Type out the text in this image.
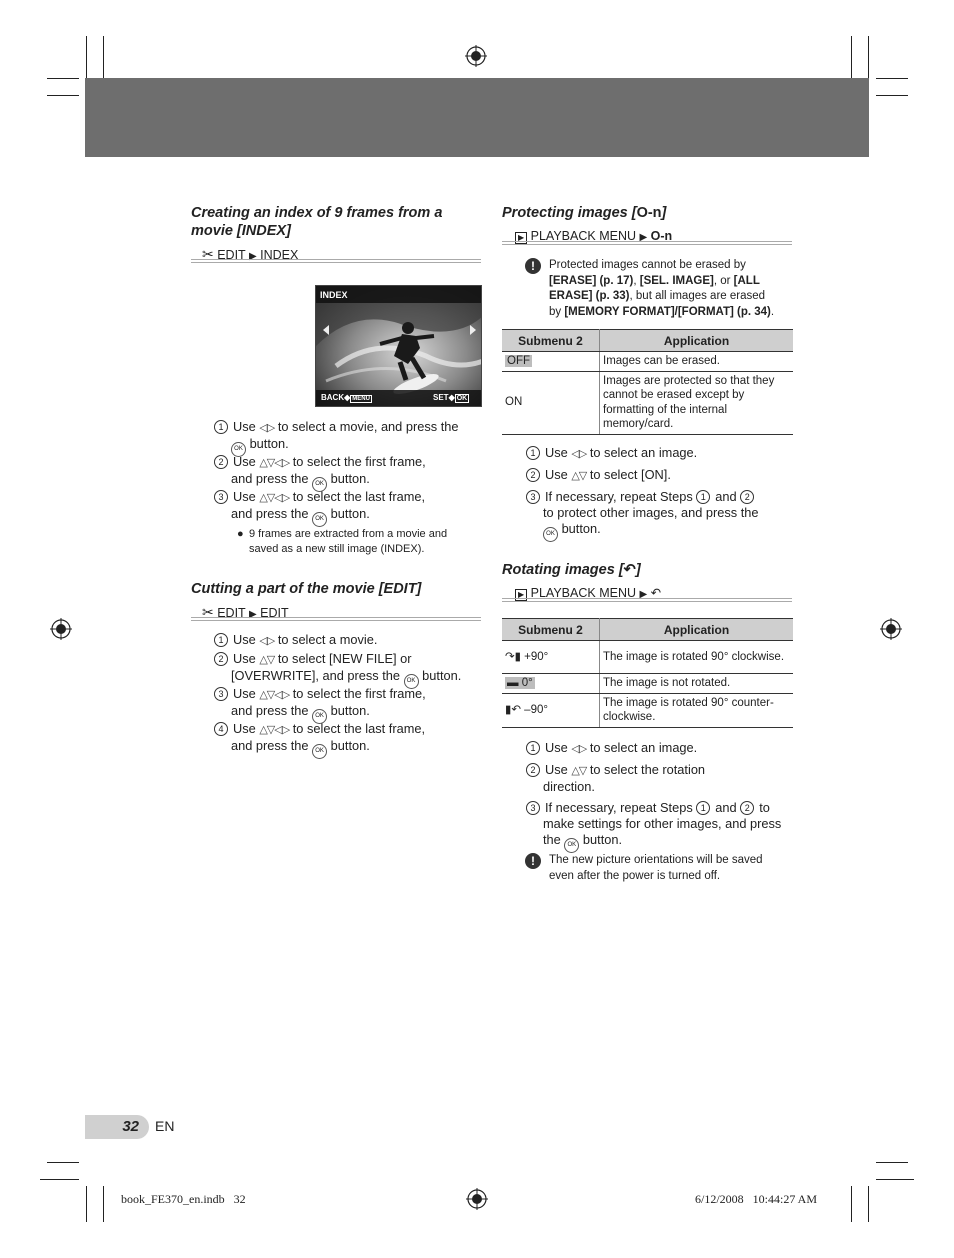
Creating an index of 9 frames from a movie [INDEX]
✂ EDIT ▶ INDEX
INDEX
BACK◆ MENU	SET◆ OK
1 Use ◁▷ to select a movie, and press the
OK button.
2 Use △▽◁▷ to select the first frame,
and press the OK button.
3 Use △▽◁▷ to select the last frame,
and press the OK button.
● 9 frames are extracted from a movie and saved as a new still image (INDEX).
Cutting a part of the movie [EDIT]
✂ EDIT ▶ EDIT
1 Use ◁▷ to select a movie.
2 Use △▽ to select [NEW FILE] or
[OVERWRITE], and press the OK button.
3 Use △▽◁▷ to select the first frame,
and press the OK button.
4 Use △▽◁▷ to select the last frame,
and press the OK button.
Protecting images [O‑n]
▶ PLAYBACK MENU ▶ O‑n
!	Protected images cannot be erased by
[ERASE] (p. 17), [SEL. IMAGE], or [ALL
ERASE] (p. 33), but all images are erased
by [MEMORY FORMAT]/[FORMAT] (p. 34).
Submenu 2	Application
OFF	Images can be erased.
ON	Images are protected so that they cannot be erased except by formatting of the internal memory/card.
1 Use ◁▷ to select an image.
2 Use △▽ to select [ON].
3 If necessary, repeat Steps 1 and 2
to protect other images, and press the
OK button.
Rotating images [↶]
▶ PLAYBACK MENU ▶ ↶
Submenu 2	Application
↷▮ +90°	The image is rotated 90° clockwise.
▬ 0°	The image is not rotated.
▮↶ –90°	The image is rotated 90° counter-clockwise.
1 Use ◁▷ to select an image.
2 Use △▽ to select the rotation
direction.
3 If necessary, repeat Steps 1 and 2 to
make settings for other images, and press
the OK button.
!	The new picture orientations will be saved even after the power is turned off.
32	EN
book_FE370_en.indb   32	6/12/2008   10:44:27 AM
